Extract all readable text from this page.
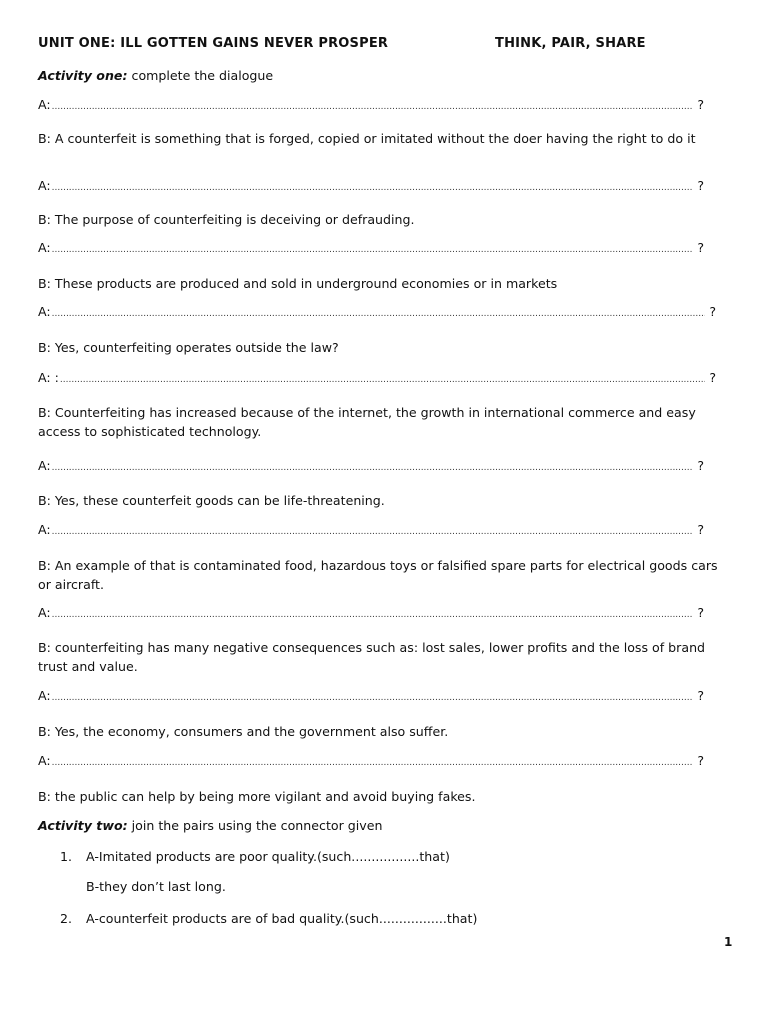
UNIT ONE: ILL GOTTEN GAINS NEVER PROSPER	THINK, PAIR, SHARE
Activity one: complete the dialogue
A: .....	?
B: A counterfeit is something that is forged, copied or imitated without the doer having the right to do it
A: .....	?
B: The purpose of counterfeiting is deceiving or defrauding.
A: .....	?
B: These products are produced and sold in underground economies or in markets
A: .....	?
B: Yes, counterfeiting operates outside the law?
A: : .....	?
B: Counterfeiting has increased because of the internet, the growth in international commerce and easy access to sophisticated technology.
A: .....	?
B: Yes, these counterfeit goods can be life-threatening.
A: .....	?
B: An example of that is contaminated food, hazardous toys or falsified spare parts for electrical goods cars or aircraft.
A: .....	?
B: counterfeiting has many negative consequences such as: lost sales, lower profits and the loss of brand trust and value.
A: .....	?
B: Yes, the economy, consumers and the government also suffer.
A: .....	?
B: the public can help by being more vigilant and avoid buying fakes.
Activity two: join the pairs using the connector given
1. A-Imitated products are poor quality.(such.................that)
B-they don’t last long.
2. A-counterfeit products are of bad quality.(such.................that)
1
